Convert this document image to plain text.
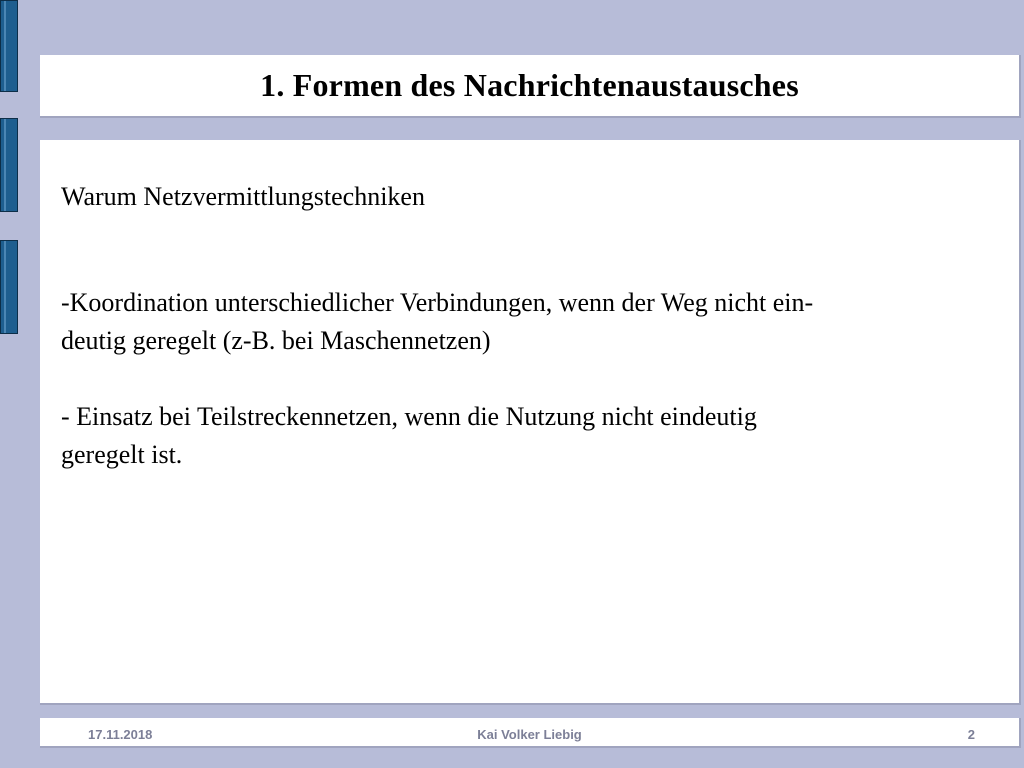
1. Formen des Nachrichtenaustausches

Warum Netzvermittlungstechniken

-Koordination unterschiedlicher Verbindungen, wenn der Weg nicht ein-
deutig geregelt (z-B. bei Maschennetzen)
- Einsatz bei Teilstreckennetzen, wenn die Nutzung nicht eindeutig
geregelt ist.
17.11.2018	Kai Volker Liebig	2
